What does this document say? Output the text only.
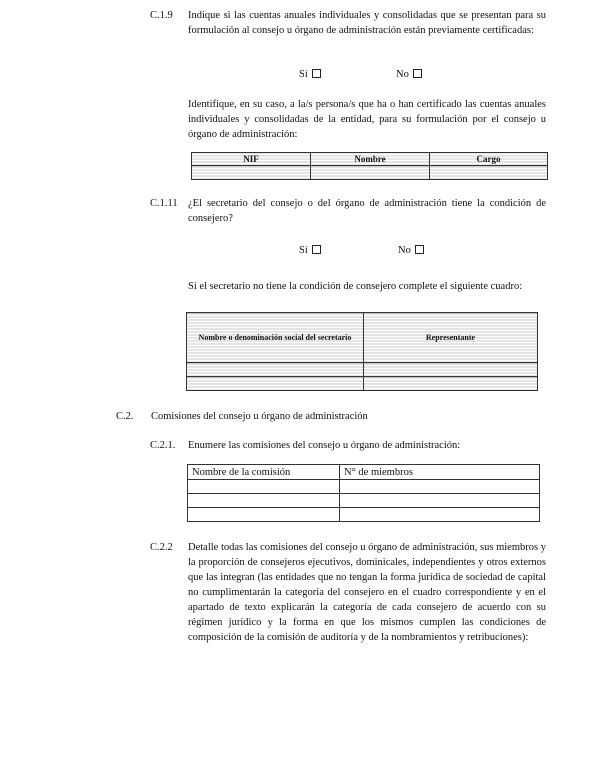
C.1.9 Indique si las cuentas anuales individuales y consolidadas que se presentan para su formulación al consejo u órgano de administración están previamente certificadas:
Sí	No
Identifique, en su caso, a la/s persona/s que ha o han certificado las cuentas anuales individuales y consolidadas de la entidad, para su formulación por el consejo u órgano de administración:
NIF	Nombre	Cargo

C.1.11 ¿El secretario del consejo o del órgano de administración tiene la condición de consejero?
Sí	No
Si el secretario no tiene la condición de consejero complete el siguiente cuadro:
Nombre o denominación social del secretario	Representante

C.2. Comisiones del consejo u órgano de administración
C.2.1. Enumere las comisiones del consejo u órgano de administración:
Nombre de la comisión	N° de miembros

C.2.2 Detalle todas las comisiones del consejo u órgano de administración, sus miembros y la proporción de consejeros ejecutivos, dominicales, independientes y otros externos que las integran (las entidades que no tengan la forma jurídica de sociedad de capital no cumplimentarán la categoría del consejero en el cuadro correspondiente y en el apartado de texto explicarán la categoría de cada consejero de acuerdo con su régimen jurídico y la forma en que los mismos cumplen las condiciones de composición de la comisión de auditoría y de la nombramientos y retribuciones):
